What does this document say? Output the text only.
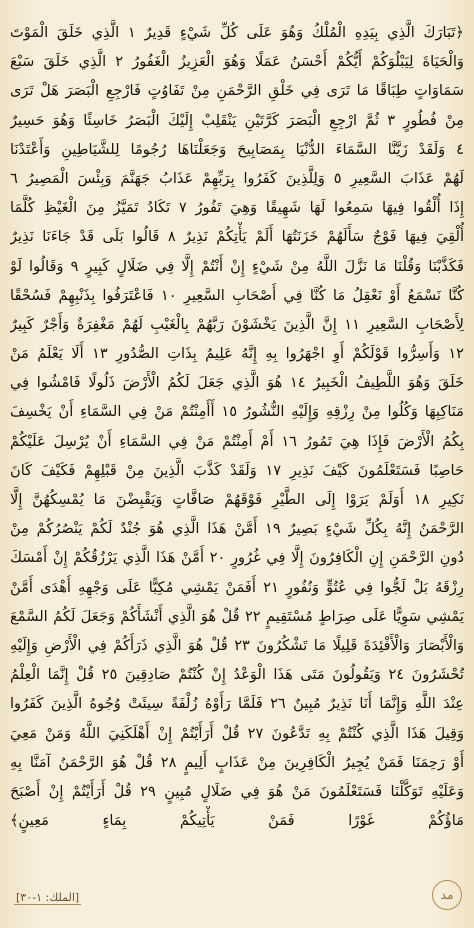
﴿تَبَارَكَ الَّذِي بِيَدِهِ الْمُلْكُ وَهُوَ عَلَى كُلِّ شَيْءٍ قَدِيرٌ ١ الَّذِي خَلَقَ الْمَوْتَ
وَالْحَيَاةَ لِيَبْلُوَكُمْ أَيُّكُمْ أَحْسَنُ عَمَلًا وَهُوَ الْعَزِيزُ الْغَفُورُ ٢ الَّذِي خَلَقَ سَبْعَ
سَمَاوَاتٍ طِبَاقًا مَا تَرَى فِي خَلْقِ الرَّحْمَنِ مِنْ تَفَاوُتٍ فَارْجِعِ الْبَصَرَ هَلْ تَرَى
مِنْ فُطُورٍ ٣ ثُمَّ ارْجِعِ الْبَصَرَ كَرَّتَيْنِ يَنْقَلِبْ إِلَيْكَ الْبَصَرُ خَاسِئًا وَهُوَ حَسِيرٌ
٤ وَلَقَدْ زَيَّنَّا السَّمَاءَ الدُّنْيَا بِمَصَابِيحَ وَجَعَلْنَاهَا رُجُومًا لِلشَّيَاطِينِ وَأَعْتَدْنَا
لَهُمْ عَذَابَ السَّعِيرِ ٥ وَلِلَّذِينَ كَفَرُوا بِرَبِّهِمْ عَذَابُ جَهَنَّمَ وَبِئْسَ الْمَصِيرُ ٦
إِذَا أُلْقُوا فِيهَا سَمِعُوا لَهَا شَهِيقًا وَهِيَ تَفُورُ ٧ تَكَادُ تَمَيَّزُ مِنَ الْغَيْظِ كُلَّمَا
أُلْقِيَ فِيهَا فَوْجٌ سَأَلَهُمْ خَزَنَتُهَا أَلَمْ يَأْتِكُمْ نَذِيرٌ ٨ قَالُوا بَلَى قَدْ جَاءَنَا نَذِيرٌ
فَكَذَّبْنَا وَقُلْنَا مَا نَزَّلَ اللَّهُ مِنْ شَيْءٍ إِنْ أَنْتُمْ إِلَّا فِي ضَلَالٍ كَبِيرٍ ٩ وَقَالُوا لَوْ
كُنَّا نَسْمَعُ أَوْ نَعْقِلُ مَا كُنَّا فِي أَصْحَابِ السَّعِيرِ ١٠ فَاعْتَرَفُوا بِذَنْبِهِمْ فَسُحْقًا
لِأَصْحَابِ السَّعِيرِ ١١ إِنَّ الَّذِينَ يَخْشَوْنَ رَبَّهُمْ بِالْغَيْبِ لَهُمْ مَغْفِرَةٌ وَأَجْرٌ كَبِيرٌ
١٢ وَأَسِرُّوا قَوْلَكُمْ أَوِ اجْهَرُوا بِهِ إِنَّهُ عَلِيمٌ بِذَاتِ الصُّدُورِ ١٣ أَلَا يَعْلَمُ مَنْ
خَلَقَ وَهُوَ اللَّطِيفُ الْخَبِيرُ ١٤ هُوَ الَّذِي جَعَلَ لَكُمُ الْأَرْضَ ذَلُولًا فَامْشُوا فِي
مَنَاكِبِهَا وَكُلُوا مِنْ رِزْقِهِ وَإِلَيْهِ النُّشُورُ ١٥ أَأَمِنْتُمْ مَنْ فِي السَّمَاءِ أَنْ يَخْسِفَ
بِكُمُ الْأَرْضَ فَإِذَا هِيَ تَمُورُ ١٦ أَمْ أَمِنْتُمْ مَنْ فِي السَّمَاءِ أَنْ يُرْسِلَ عَلَيْكُمْ
حَاصِبًا فَسَتَعْلَمُونَ كَيْفَ نَذِيرِ ١٧ وَلَقَدْ كَذَّبَ الَّذِينَ مِنْ قَبْلِهِمْ فَكَيْفَ كَانَ
نَكِيرِ ١٨ أَوَلَمْ يَرَوْا إِلَى الطَّيْرِ فَوْقَهُمْ صَافَّاتٍ وَيَقْبِضْنَ مَا يُمْسِكُهُنَّ إِلَّا
الرَّحْمَنُ إِنَّهُ بِكُلِّ شَيْءٍ بَصِيرٌ ١٩ أَمَّنْ هَذَا الَّذِي هُوَ جُنْدٌ لَكُمْ يَنْصُرُكُمْ مِنْ
دُونِ الرَّحْمَنِ إِنِ الْكَافِرُونَ إِلَّا فِي غُرُورٍ ٢٠ أَمَّنْ هَذَا الَّذِي يَرْزُقُكُمْ إِنْ أَمْسَكَ
رِزْقَهُ بَلْ لَجُّوا فِي عُتُوٍّ وَنُفُورٍ ٢١ أَفَمَنْ يَمْشِي مُكِبًّا عَلَى وَجْهِهِ أَهْدَى أَمَّنْ
يَمْشِي سَوِيًّا عَلَى صِرَاطٍ مُسْتَقِيمٍ ٢٢ قُلْ هُوَ الَّذِي أَنْشَأَكُمْ وَجَعَلَ لَكُمُ السَّمْعَ
وَالْأَبْصَارَ وَالْأَفْئِدَةَ قَلِيلًا مَا تَشْكُرُونَ ٢٣ قُلْ هُوَ الَّذِي ذَرَأَكُمْ فِي الْأَرْضِ وَإِلَيْهِ
تُحْشَرُونَ ٢٤ وَيَقُولُونَ مَتَى هَذَا الْوَعْدُ إِنْ كُنْتُمْ صَادِقِينَ ٢٥ قُلْ إِنَّمَا الْعِلْمُ
عِنْدَ اللَّهِ وَإِنَّمَا أَنَا نَذِيرٌ مُبِينٌ ٢٦ فَلَمَّا رَأَوْهُ زُلْفَةً سِيئَتْ وُجُوهُ الَّذِينَ كَفَرُوا
وَقِيلَ هَذَا الَّذِي كُنْتُمْ بِهِ تَدَّعُونَ ٢٧ قُلْ أَرَأَيْتُمْ إِنْ أَهْلَكَنِيَ اللَّهُ وَمَنْ مَعِيَ
أَوْ رَحِمَنَا فَمَنْ يُجِيرُ الْكَافِرِينَ مِنْ عَذَابٍ أَلِيمٍ ٢٨ قُلْ هُوَ الرَّحْمَنُ آمَنَّا بِهِ
وَعَلَيْهِ تَوَكَّلْنَا فَسَتَعْلَمُونَ مَنْ هُوَ فِي ضَلَالٍ مُبِينٍ ٢٩ قُلْ أَرَأَيْتُمْ إِنْ أَصْبَحَ
مَاؤُكُمْ غَوْرًا فَمَنْ يَأْتِيكُمْ بِمَاءٍ مَعِينٍ﴾
[الملك: ١-٣٠]	مد
